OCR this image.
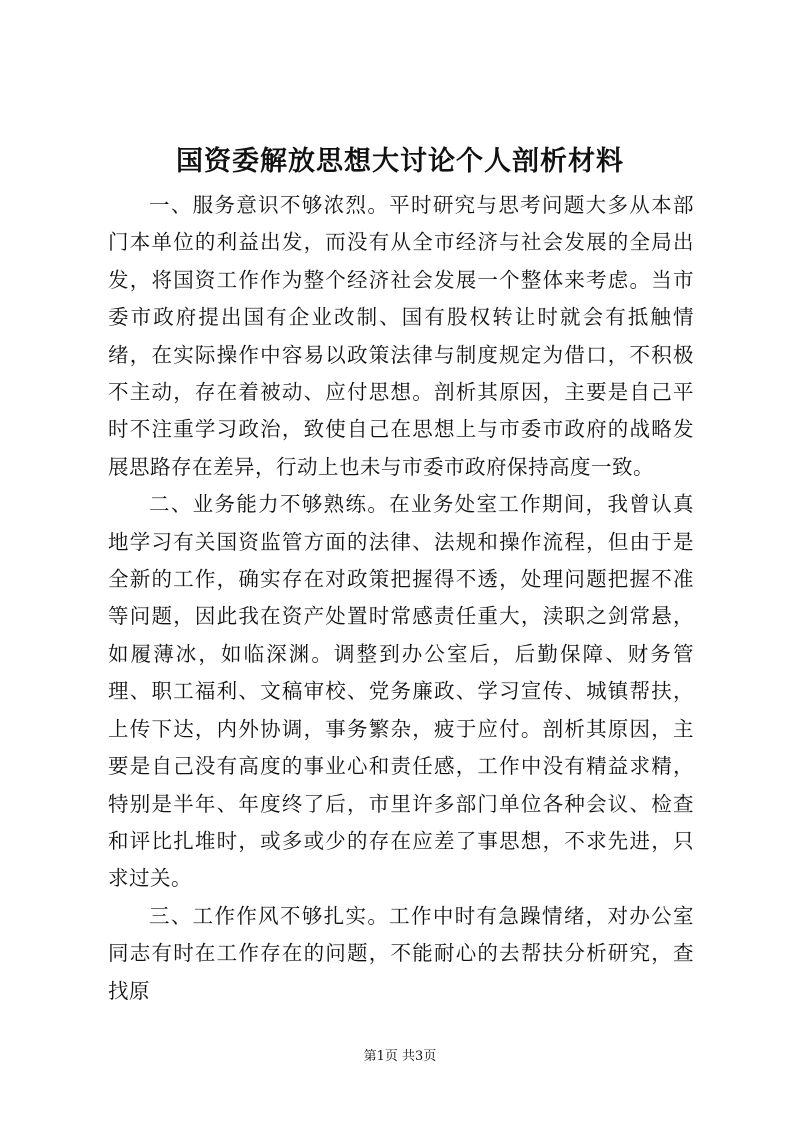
国资委解放思想大讨论个人剖析材料

一、服务意识不够浓烈。平时研究与思考问题大多从本部门本单位的利益出发，而没有从全市经济与社会发展的全局出发，将国资工作作为整个经济社会发展一个整体来考虑。当市委市政府提出国有企业改制、国有股权转让时就会有抵触情绪，在实际操作中容易以政策法律与制度规定为借口，不积极不主动，存在着被动、应付思想。剖析其原因，主要是自己平时不注重学习政治，致使自己在思想上与市委市政府的战略发展思路存在差异，行动上也未与市委市政府保持高度一致。

二、业务能力不够熟练。在业务处室工作期间，我曾认真地学习有关国资监管方面的法律、法规和操作流程，但由于是全新的工作，确实存在对政策把握得不透，处理问题把握不准等问题，因此我在资产处置时常感责任重大，渎职之剑常悬，如履薄冰，如临深渊。调整到办公室后，后勤保障、财务管理、职工福利、文稿审校、党务廉政、学习宣传、城镇帮扶，上传下达，内外协调，事务繁杂，疲于应付。剖析其原因，主要是自己没有高度的事业心和责任感，工作中没有精益求精，特别是半年、年度终了后，市里许多部门单位各种会议、检查和评比扎堆时，或多或少的存在应差了事思想，不求先进，只求过关。

三、工作作风不够扎实。工作中时有急躁情绪，对办公室同志有时在工作存在的问题，不能耐心的去帮扶分析研究，查找原

第1页 共3页
